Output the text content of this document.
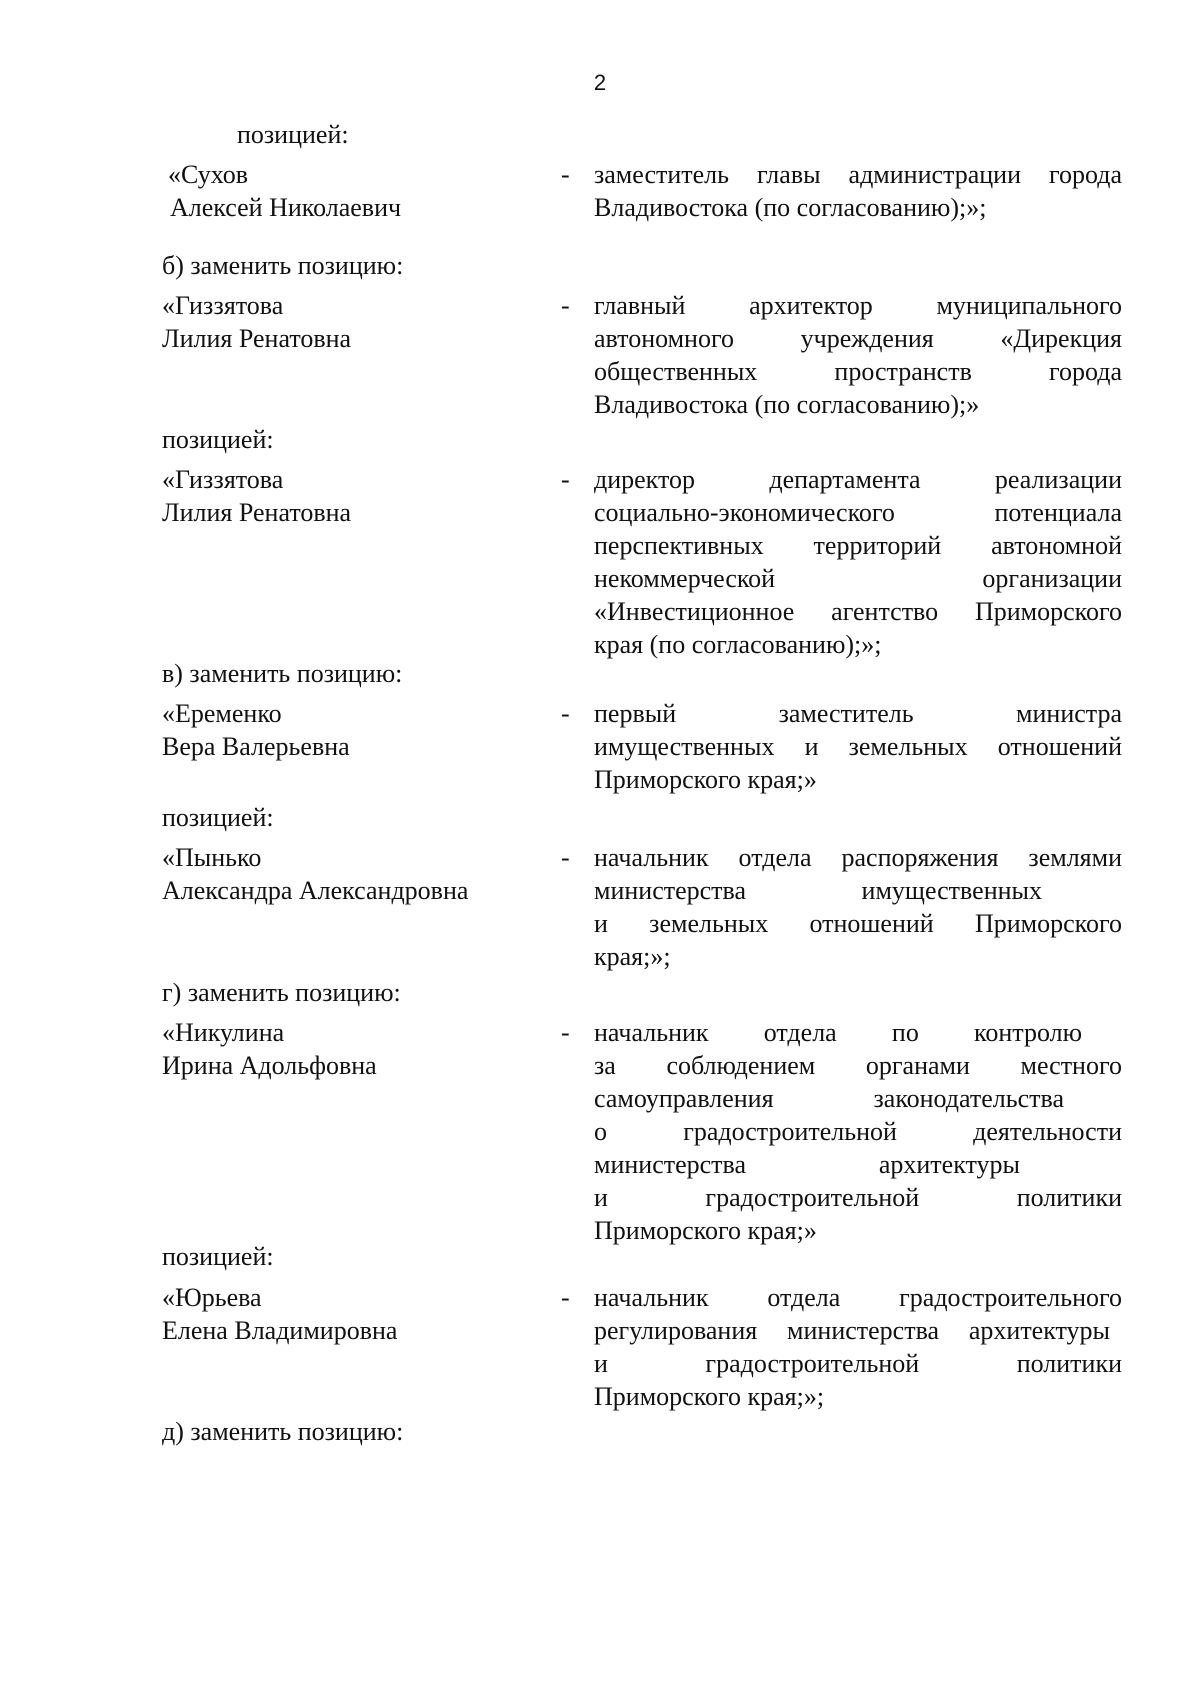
2
позицией:
«Сухов
Алексей Николаевич
- заместитель главы администрации города
Владивостока (по согласованию);»;
б) заменить позицию:
«Гиззятова
Лилия Ренатовна
- главный архитектор муниципального
автономного учреждения «Дирекция
общественных пространств города
Владивостока (по согласованию);»
позицией:
«Гиззятова
Лилия Ренатовна
- директор департамента реализации
социально-экономического потенциала
перспективных территорий автономной
некоммерческой организации
«Инвестиционное агентство Приморского
края (по согласованию);»;
в) заменить позицию:
«Еременко
Вера Валерьевна
- первый заместитель министра
имущественных и земельных отношений
Приморского края;»
позицией:
«Пынько
Александра Александровна
- начальник отдела распоряжения землями
министерства имущественных
и земельных отношений Приморского
края;»;
г) заменить позицию:
«Никулина
Ирина Адольфовна
- начальник отдела по контролю
за соблюдением органами местного
самоуправления законодательства
о градостроительной деятельности
министерства архитектуры
и градостроительной политики
Приморского края;»
позицией:
«Юрьева
Елена Владимировна
- начальник отдела градостроительного
регулирования министерства архитектуры
и градостроительной политики
Приморского края;»;
д) заменить позицию:
